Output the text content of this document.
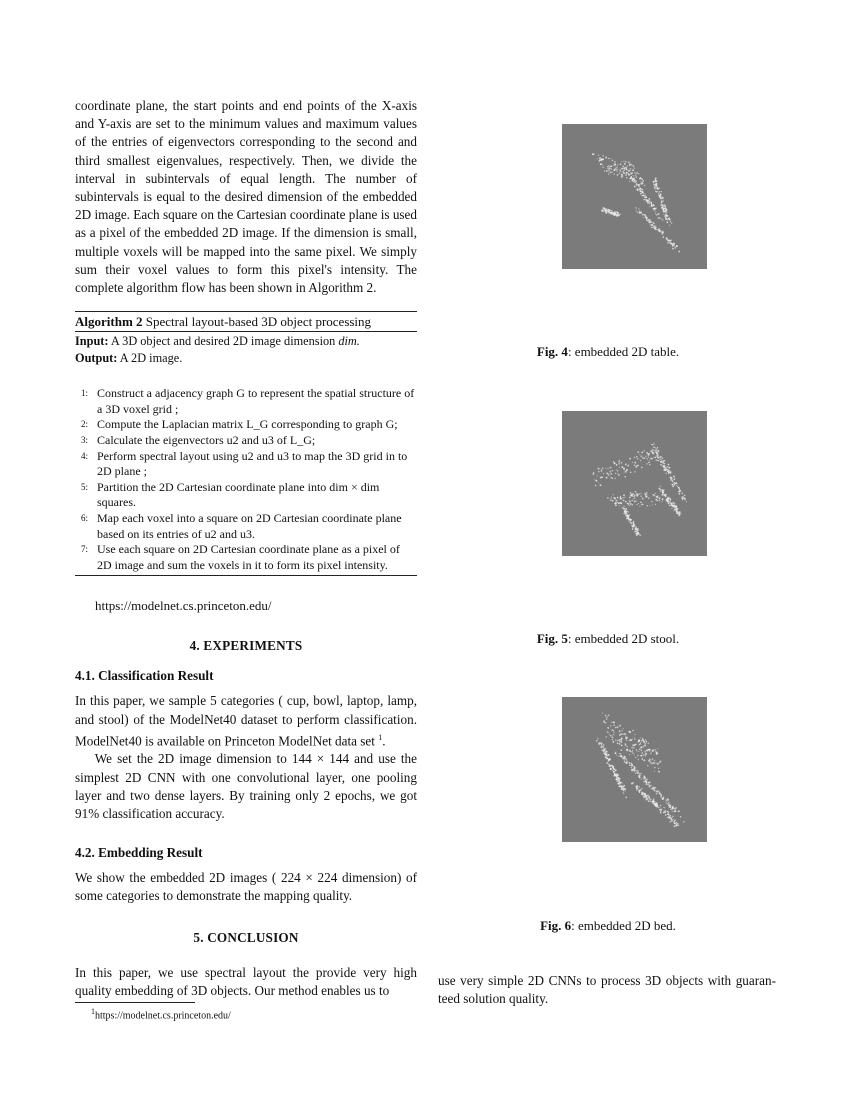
coordinate plane, the start points and end points of the X-axis and Y-axis are set to the minimum values and maximum values of the entries of eigenvectors corresponding to the second and third smallest eigenvalues, respectively. Then, we divide the interval in subintervals of equal length. The number of subintervals is equal to the desired dimension of the embedded 2D image. Each square on the Cartesian coordinate plane is used as a pixel of the embedded 2D image. If the dimension is small, multiple voxels will be mapped into the same pixel. We simply sum their voxel values to form this pixel's intensity. The complete algorithm flow has been shown in Algorithm 2.

Algorithm 2 Spectral layout-based 3D object processing
Input: A 3D object and desired 2D image dimension dim.
Output: A 2D image.
1: Construct a adjacency graph G to represent the spatial structure of a 3D voxel grid ;
2: Compute the Laplacian matrix L_G corresponding to graph G;
3: Calculate the eigenvectors u2 and u3 of L_G;
4: Perform spectral layout using u2 and u3 to map the 3D grid in to 2D plane ;
5: Partition the 2D Cartesian coordinate plane into dim × dim squares.
6: Map each voxel into a square on 2D Cartesian coordinate plane based on its entries of u2 and u3.
7: Use each square on 2D Cartesian coordinate plane as a pixel of 2D image and sum the voxels in it to form its pixel intensity.
https://modelnet.cs.princeton.edu/
4. EXPERIMENTS
4.1. Classification Result

In this paper, we sample 5 categories ( cup, bowl, laptop, lamp, and stool) of the ModelNet40 dataset to perform classification. ModelNet40 is available on Princeton ModelNet data set $^1$.

We set the 2D image dimension to 144 × 144 and use the simplest 2D CNN with one convolutional layer, one pooling layer and two dense layers. By training only 2 epochs, we got 91% classification accuracy.

4.2. Embedding Result

We show the embedded 2D images ( 224 × 224 dimension) of some categories to demonstrate the mapping quality.

5. CONCLUSION

In this paper, we use spectral layout the provide very high quality embedding of 3D objects. Our method enables us to

$^1$https://modelnet.cs.princeton.edu/
Fig. 4: embedded 2D table.
Fig. 5: embedded 2D stool.
Fig. 6: embedded 2D bed.

use very simple 2D CNNs to process 3D objects with guaranteed solution quality.
